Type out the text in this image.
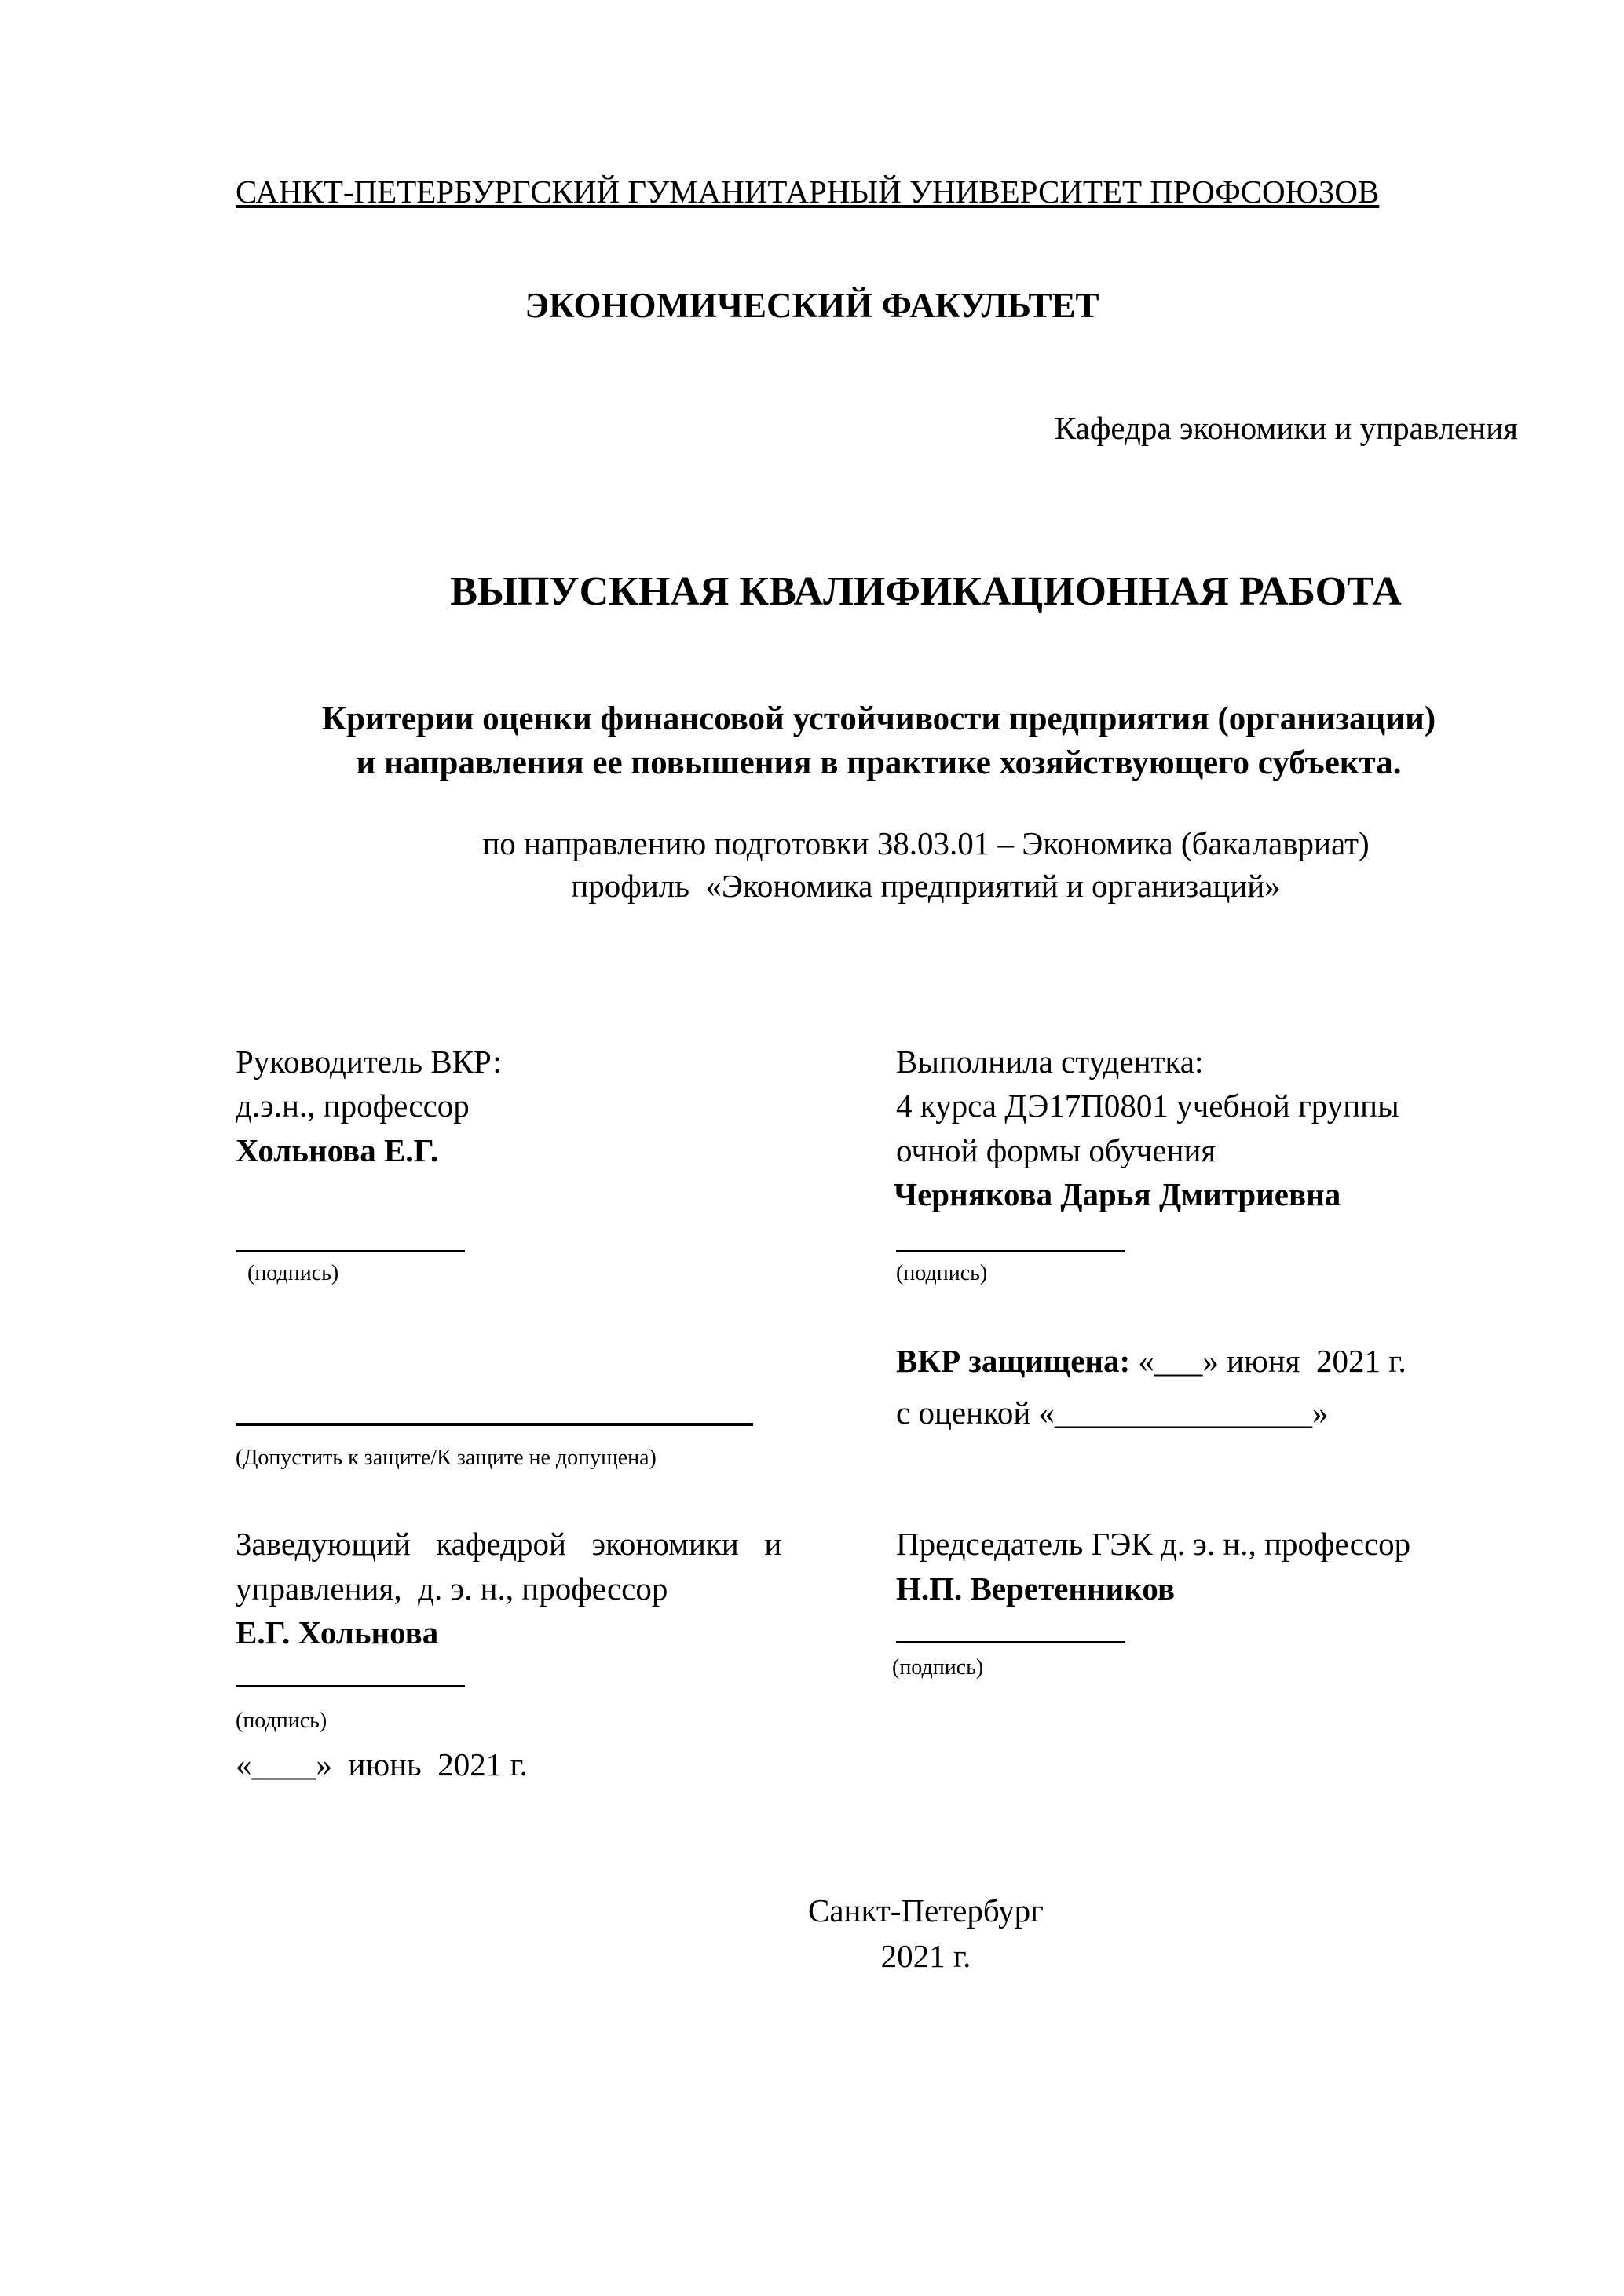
САНКТ-ПЕТЕРБУРГСКИЙ ГУМАНИТАРНЫЙ УНИВЕРСИТЕТ ПРОФСОЮЗОВ
ЭКОНОМИЧЕСКИЙ ФАКУЛЬТЕТ
Кафедра экономики и управления
ВЫПУСКНАЯ КВАЛИФИКАЦИОННАЯ РАБОТА
Критерии оценки финансовой устойчивости предприятия (организации)
и направления ее повышения в практике хозяйствующего субъекта.
по направлению подготовки 38.03.01 – Экономика (бакалавриат)
профиль  «Экономика предприятий и организаций»
Руководитель ВКР:
д.э.н., профессор
Хольнова Е.Г.
(подпись)
Выполнила студентка:
4 курса ДЭ17П0801 учебной группы
очной формы обучения
Чернякова Дарья Дмитриевна
(подпись)
ВКР защищена: «___» июня  2021 г.
с оценкой «________________»
(Допустить к защите/К защите не допущена)
Заведующий  кафедрой  экономики  и
управления,  д. э. н., профессор
Е.Г. Хольнова
(подпись)
«____»  июнь  2021 г.
Председатель ГЭК д. э. н., профессор
Н.П. Веретенников
(подпись)
Санкт-Петербург
2021 г.
